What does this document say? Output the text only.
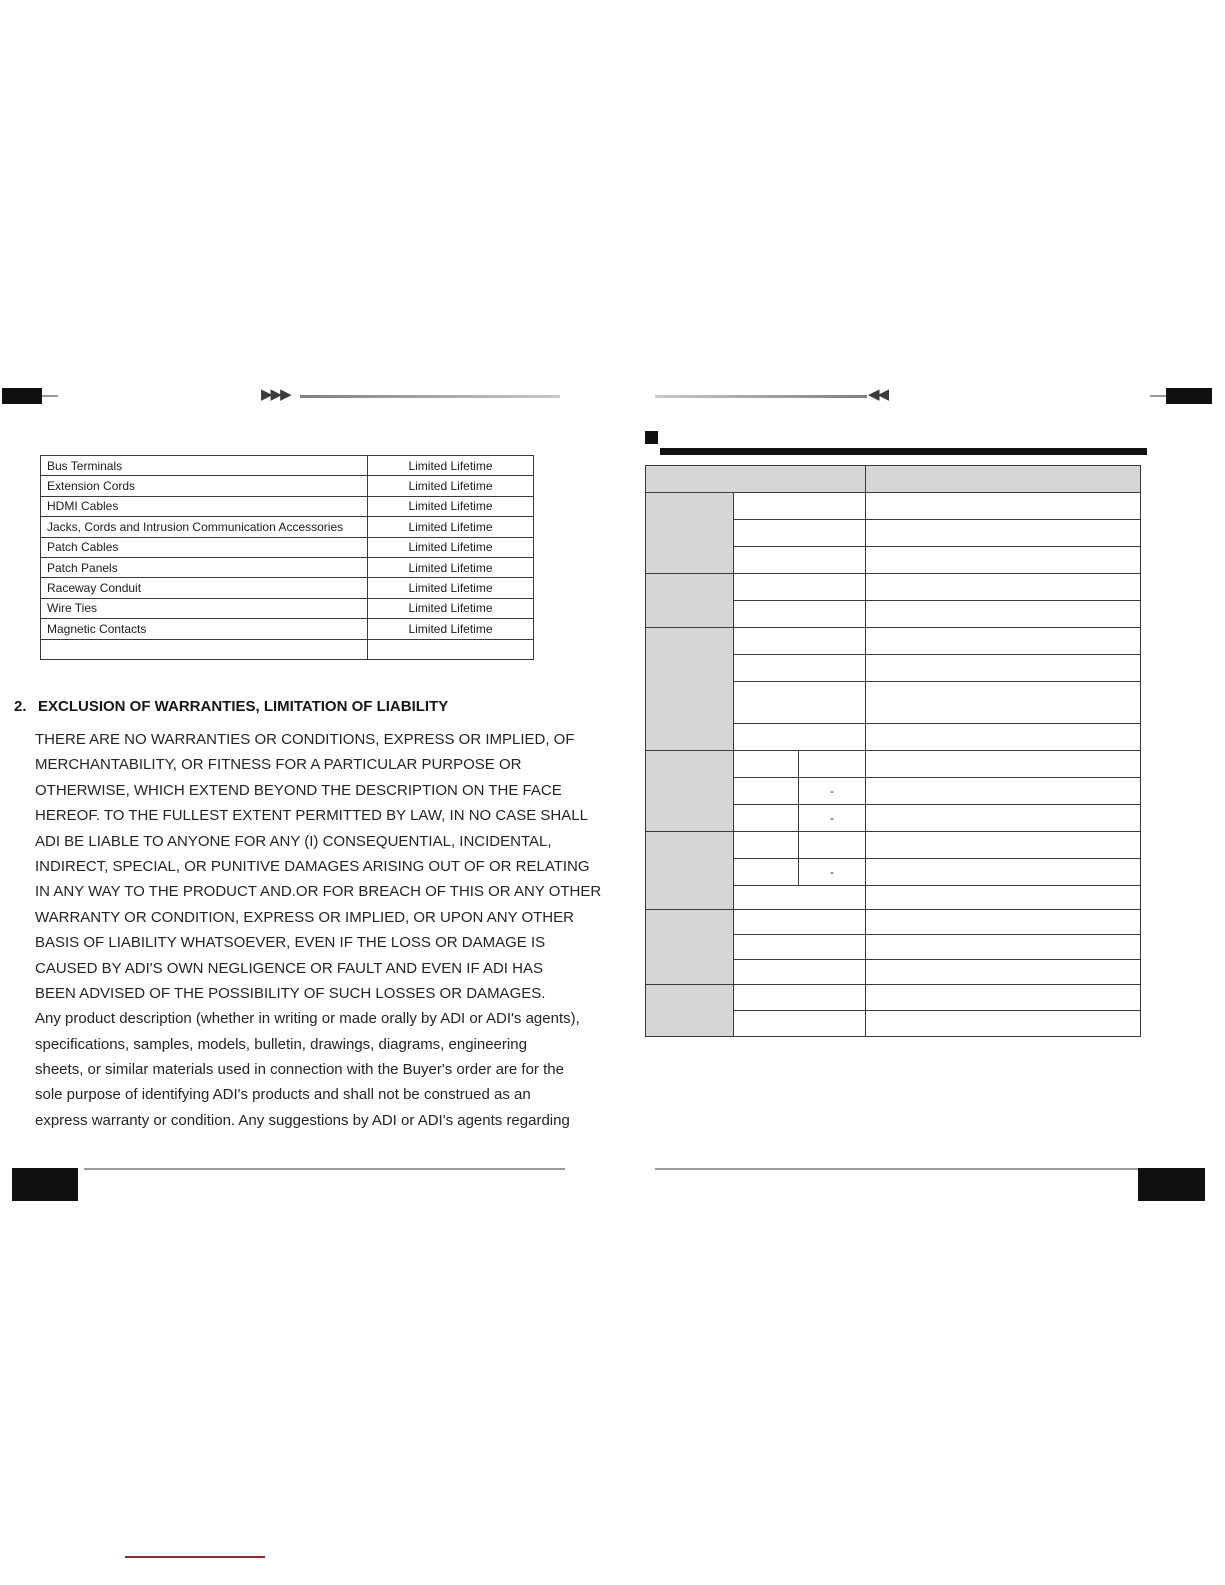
▶▶▶	◀◀
Bus Terminals	Limited Lifetime
Extension Cords	Limited Lifetime
HDMI Cables	Limited Lifetime
Jacks, Cords and Intrusion Communication Accessories	Limited Lifetime
Patch Cables	Limited Lifetime
Patch Panels	Limited Lifetime
Raceway Conduit	Limited Lifetime
Wire Ties	Limited Lifetime
Magnetic Contacts	Limited Lifetime

2. EXCLUSION OF WARRANTIES, LIMITATION OF LIABILITY
THERE ARE NO WARRANTIES OR CONDITIONS, EXPRESS OR IMPLIED, OF
MERCHANTABILITY, OR FITNESS FOR A PARTICULAR PURPOSE OR
OTHERWISE, WHICH EXTEND BEYOND THE DESCRIPTION ON THE FACE
HEREOF. TO THE FULLEST EXTENT PERMITTED BY LAW, IN NO CASE SHALL
ADI BE LIABLE TO ANYONE FOR ANY (I) CONSEQUENTIAL, INCIDENTAL,
INDIRECT, SPECIAL, OR PUNITIVE DAMAGES ARISING OUT OF OR RELATING
IN ANY WAY TO THE PRODUCT AND.OR FOR BREACH OF THIS OR ANY OTHER
WARRANTY OR CONDITION, EXPRESS OR IMPLIED, OR UPON ANY OTHER
BASIS OF LIABILITY WHATSOEVER, EVEN IF THE LOSS OR DAMAGE IS
CAUSED BY ADI'S OWN NEGLIGENCE OR FAULT AND EVEN IF ADI HAS
BEEN ADVISED OF THE POSSIBILITY OF SUCH LOSSES OR DAMAGES.
Any product description (whether in writing or made orally by ADI or ADI's agents),
specifications, samples, models, bulletin, drawings, diagrams, engineering
sheets, or similar materials used in connection with the Buyer's order are for the
sole purpose of identifying ADI's products and shall not be construed as an
express warranty or condition. Any suggestions by ADI or ADI's agents regarding

		-	
		-	

		-	
